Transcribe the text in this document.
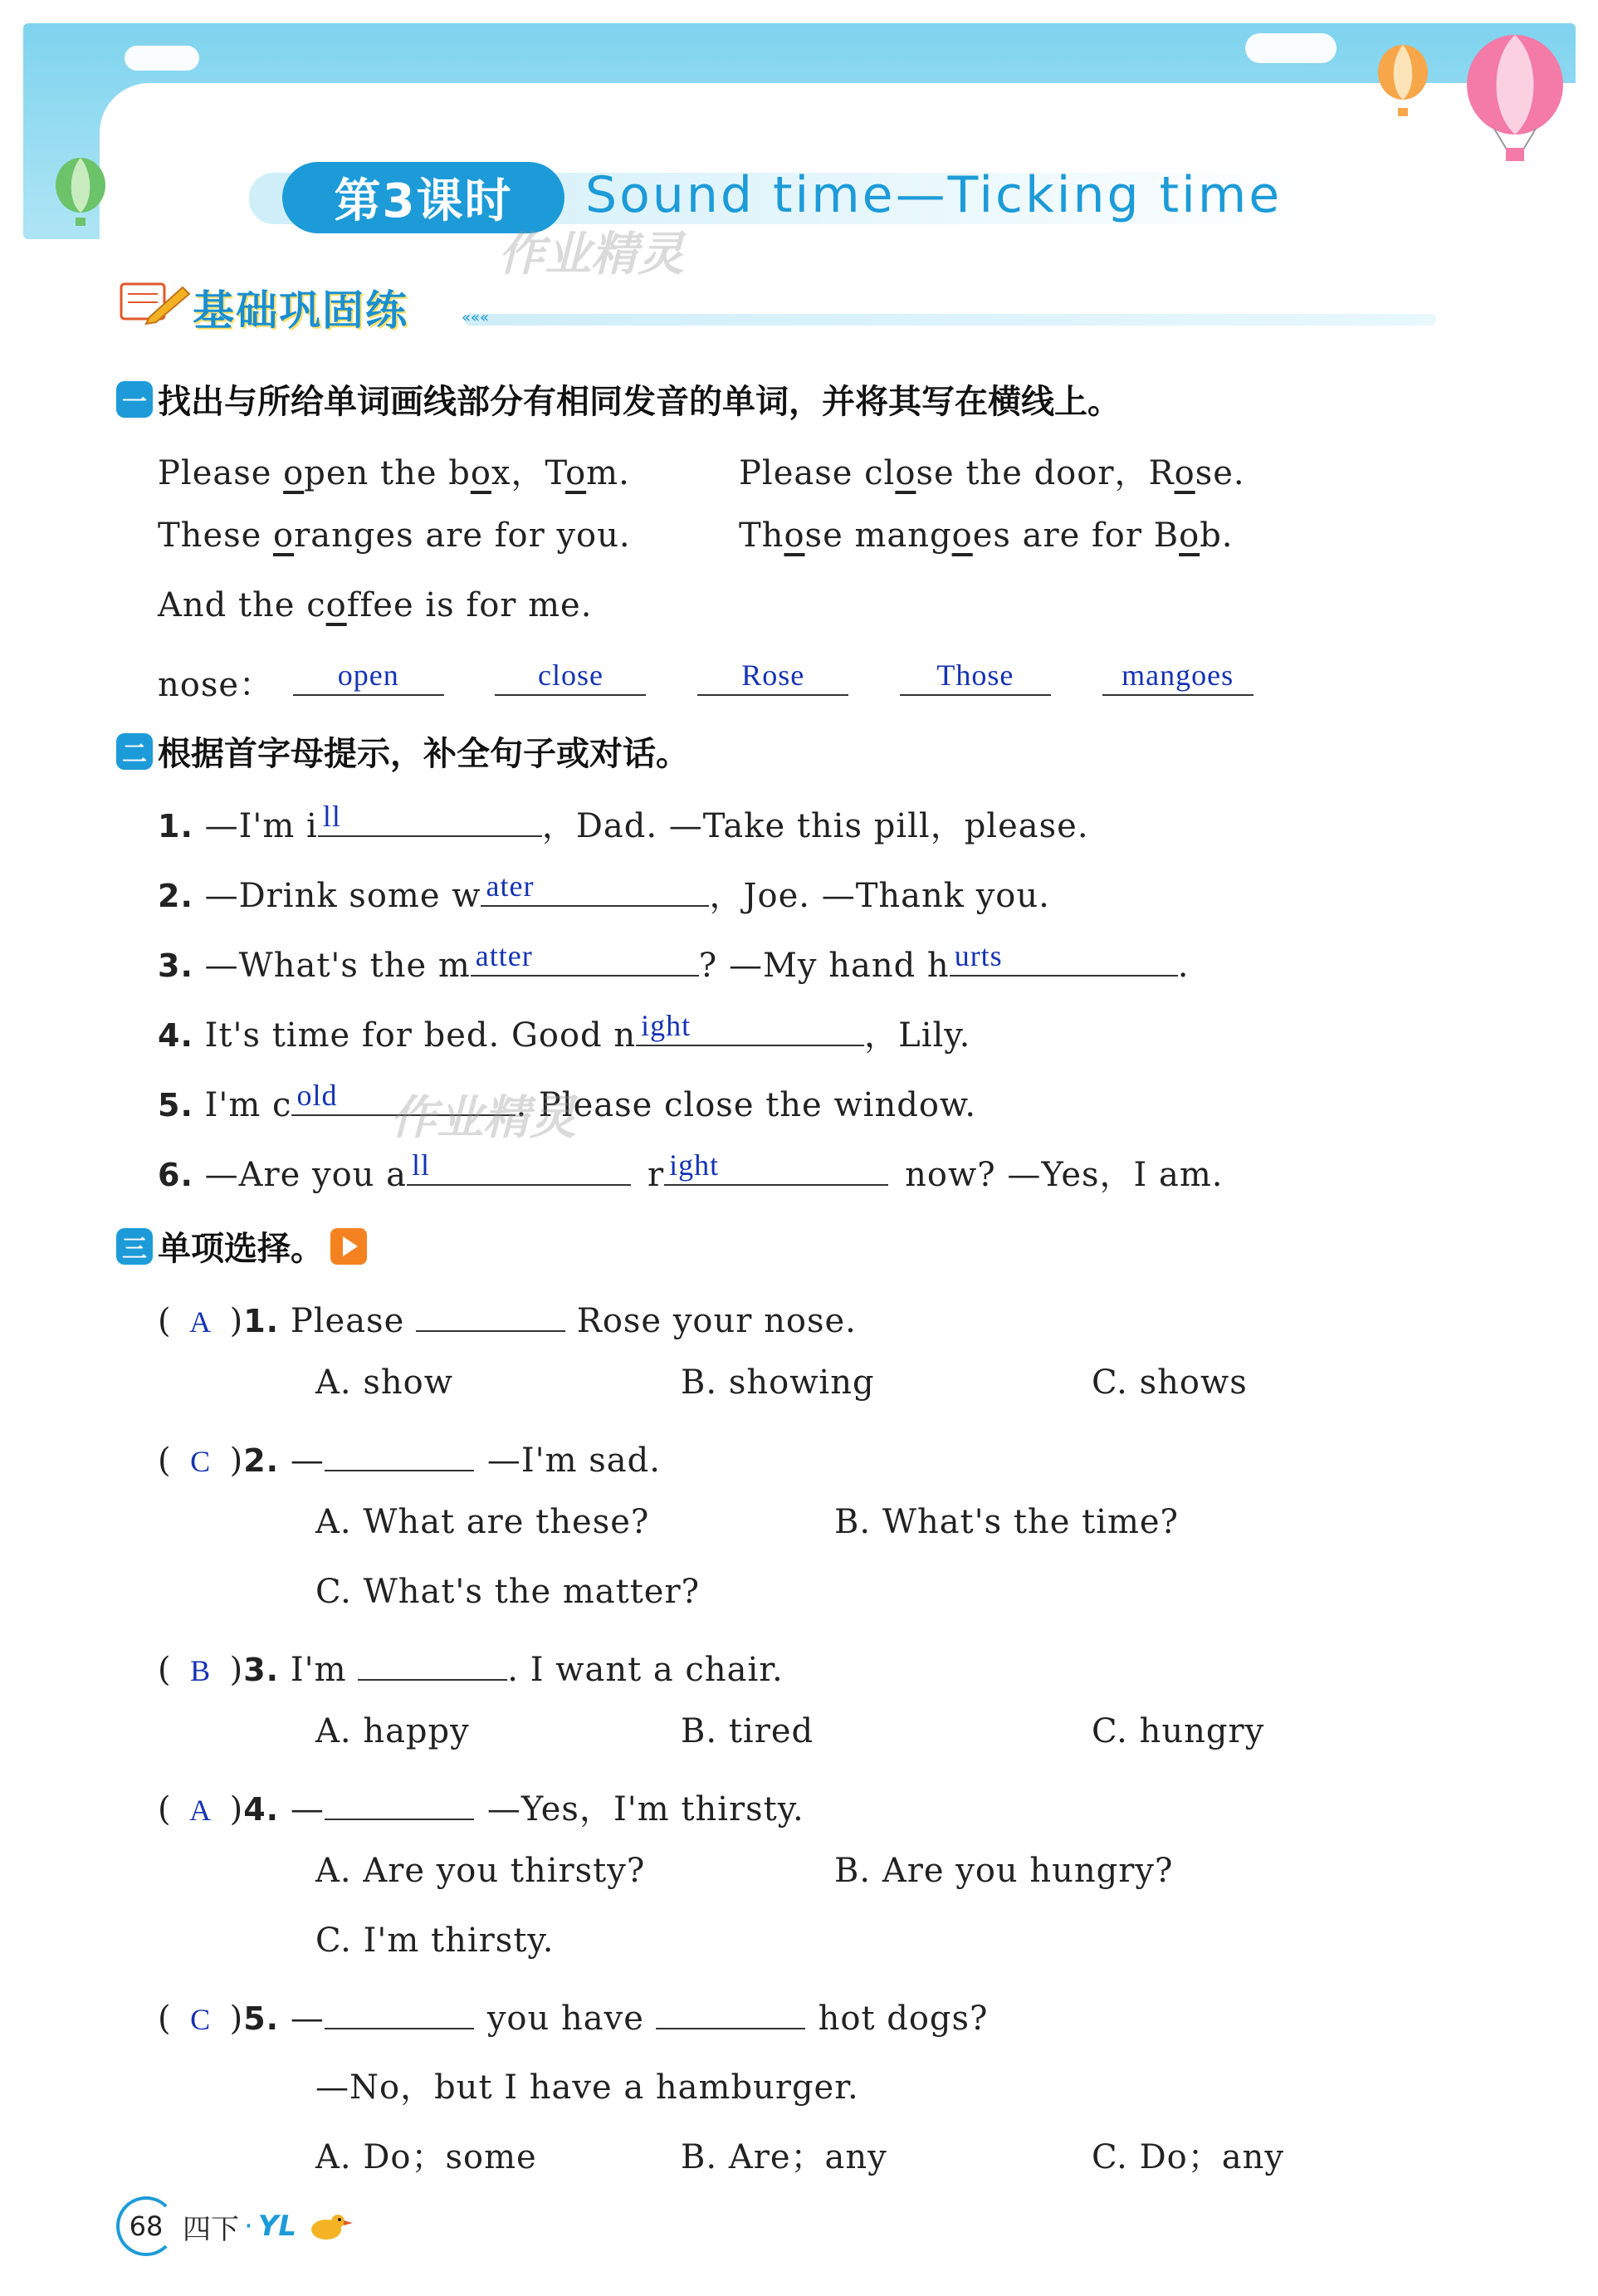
第3课时	Sound time—Ticking time
作业精灵
基础巩固练	«««
一 找出与所给单词画线部分有相同发音的单词，并将其写在横线上。
Please open the box，Tom.	Please close the door，Rose.
These oranges are for you.	Those mangoes are for Bob.
And the coffee is for me.
nose：	open
	close
	Rose
	Those
	mangoes
二 根据首字母提示，补全句子或对话。
1. —I'm i ll	，Dad. —Take this pill，please.
2. —Drink some w ater	，Joe. —Thank you.
3. —What's the m atter	? —My hand h urts	.
4. It's time for bed. Good n ight	，Lily.
5. I'm c old	. Please close the window.
作业精灵
6. —Are you a ll	r ight	now? —Yes，I am.
三 单项选择。
( A )1. Please	Rose your nose.
A. show	B. showing	C. shows
( C )2. —	—I'm sad.
A. What are these?	B. What's the time?
C. What's the matter?
( B )3. I'm	. I want a chair.
A. happy	B. tired	C. hungry
( A )4. —	—Yes，I'm thirsty.
A. Are you thirsty?	B. Are you hungry?
C. I'm thirsty.
( C )5. —	you have	hot dogs?
—No，but I have a hamburger.
A. Do；some	B. Are；any	C. Do；any
68 四下 · YL
